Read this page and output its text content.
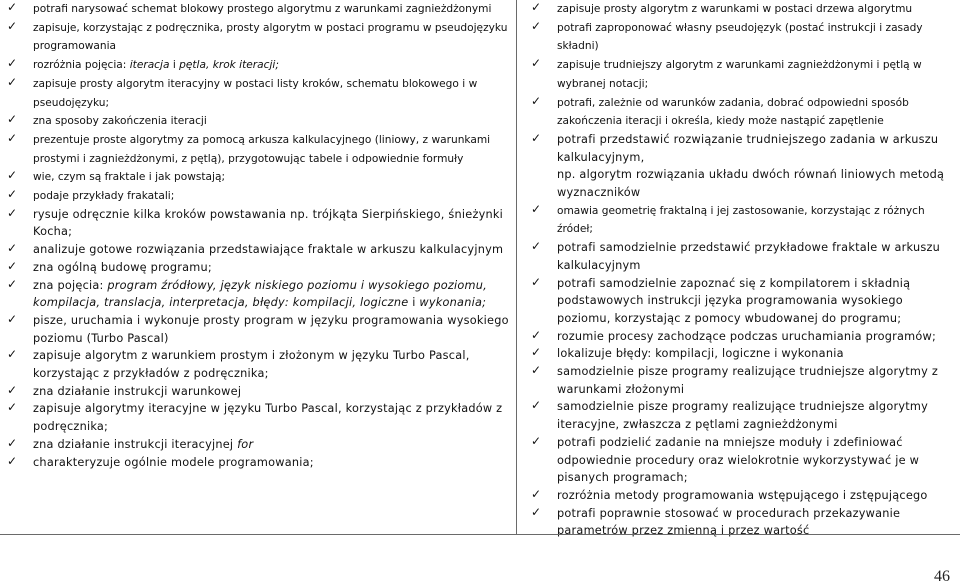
✓ potrafi narysować schemat blokowy prostego algorytmu z warunkami zagnieżdżonymi
✓ zapisuje, korzystając z podręcznika, prosty algorytm w postaci programu w pseudojęzyku programowania
✓ rozróżnia pojęcia: iteracja i pętla, krok iteracji;
✓ zapisuje prosty algorytm iteracyjny w postaci listy kroków, schematu blokowego i w pseudojęzyku;
✓ zna sposoby zakończenia iteracji
✓ prezentuje proste algorytmy za pomocą arkusza kalkulacyjnego (liniowy, z warunkami prostymi i zagnieżdżonymi, z pętlą), przygotowując tabele i odpowiednie formuły
✓ wie, czym są fraktale i jak powstają;
✓ podaje przykłady frakatali;
✓ rysuje odręcznie kilka kroków powstawania np. trójkąta Sierpińskiego, śnieżynki Kocha;
✓ analizuje gotowe rozwiązania przedstawiające fraktale w arkuszu kalkulacyjnym
✓ zna ogólną budowę programu;
✓ zna pojęcia: program źródłowy, język niskiego poziomu i wysokiego poziomu, kompilacja, translacja, interpretacja, błędy: kompilacji, logiczne i wykonania;
✓ pisze, uruchamia i wykonuje prosty program w języku programowania wysokiego poziomu (Turbo Pascal)
✓ zapisuje algorytm z warunkiem prostym i złożonym w języku Turbo Pascal, korzystając z przykładów z podręcznika;
✓ zna działanie instrukcji warunkowej
✓ zapisuje algorytmy iteracyjne w języku Turbo Pascal, korzystając z przykładów z podręcznika;
✓ zna działanie instrukcji iteracyjnej for
✓ charakteryzuje ogólnie modele programowania;
✓ zapisuje prosty algorytm z warunkami w postaci drzewa algorytmu
✓ potrafi zaproponować własny pseudojęzyk (postać instrukcji i zasady składni)
✓ zapisuje trudniejszy algorytm z warunkami zagnieżdżonymi i pętlą w wybranej notacji;
✓ potrafi, zależnie od warunków zadania, dobrać odpowiedni sposób zakończenia iteracji i określa, kiedy może nastąpić zapętlenie
✓ potrafi przedstawić rozwiązanie trudniejszego zadania w arkuszu kalkulacyjnym,
np. algorytm rozwiązania układu dwóch równań liniowych metodą wyznaczników
✓ omawia geometrię fraktalną i jej zastosowanie, korzystając z różnych źródeł;
✓ potrafi samodzielnie przedstawić przykładowe fraktale w arkuszu kalkulacyjnym
✓ potrafi samodzielnie zapoznać się z kompilatorem i składnią podstawowych instrukcji języka programowania wysokiego poziomu, korzystając z pomocy wbudowanej do programu;
✓ rozumie procesy zachodzące podczas uruchamiania programów;
✓ lokalizuje błędy: kompilacji, logiczne i wykonania
✓ samodzielnie pisze programy realizujące trudniejsze algorytmy z warunkami złożonymi
✓ samodzielnie pisze programy realizujące trudniejsze algorytmy iteracyjne, zwłaszcza z pętlami zagnieżdżonymi
✓ potrafi podzielić zadanie na mniejsze moduły i zdefiniować odpowiednie procedury oraz wielokrotnie wykorzystywać je w pisanych programach;
✓ rozróżnia metody programowania wstępującego i zstępującego
✓ potrafi poprawnie stosować w procedurach przekazywanie parametrów przez zmienną i przez wartość
46
